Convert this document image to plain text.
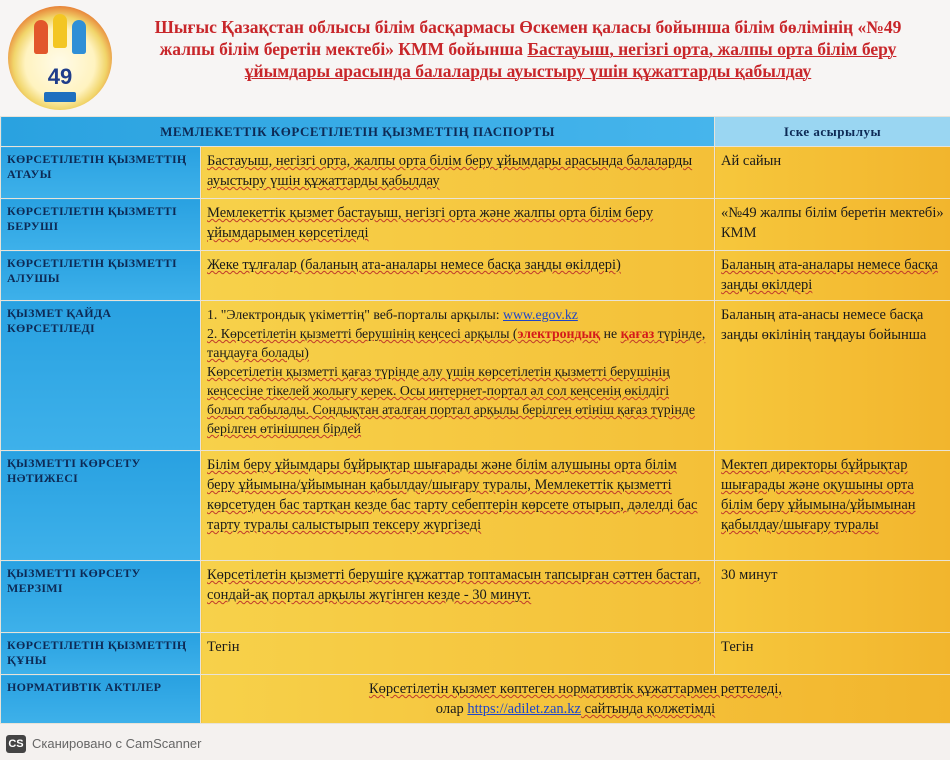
49
Шығыс Қазақстан облысы білім басқармасы Өскемен қаласы бойынша білім бөлімінің «№49 жалпы білім беретін мектебі» КММ бойынша Бастауыш, негізгі орта, жалпы орта білім беру ұйымдары арасында балаларды ауыстыру үшін құжаттарды қабылдау
МЕМЛЕКЕТТІК КӨРСЕТІЛЕТІН ҚЫЗМЕТТІҢ ПАСПОРТЫ		Іске асырылуы
КӨРСЕТІЛЕТІН ҚЫЗМЕТТІҢ АТАУЫ	Бастауыш, негізгі орта, жалпы орта білім беру ұйымдары арасында балаларды ауыстыру үшін құжаттарды қабылдау	Ай сайын
КӨРСЕТІЛЕТІН ҚЫЗМЕТТІ БЕРУШІ	Мемлекеттік қызмет бастауыш, негізгі орта және жалпы орта білім беру ұйымдарымен көрсетіледі	«№49 жалпы білім беретін мектебі» КММ
КӨРСЕТІЛЕТІН ҚЫЗМЕТТІ АЛУШЫ	Жеке тұлғалар (баланың ата-аналары немесе басқа заңды өкілдері)	Баланың ата-аналары немесе басқа заңды өкілдері
ҚЫЗМЕТ ҚАЙДА КӨРСЕТІЛЕДІ	1. "Электрондық үкіметтің" веб-порталы арқылы: www.egov.kz
2. Көрсетілетін қызметті берушінің кеңсесі арқылы (электрондық не қағаз түрінде, таңдауға болады)
Көрсетілетін қызметті қағаз түрінде алу үшін көрсетілетін қызметті берушінің кеңсесіне тікелей жолығу керек. Осы интернет-портал әл сол кеңсенің өкілдігі болып табылады. Сондықтан аталған портал арқылы берілген өтініш қағаз түрінде берілген өтінішпен бірдей	Баланың ата-анасы немесе басқа заңды өкілінің таңдауы бойынша
ҚЫЗМЕТТІ КӨРСЕТУ НӘТИЖЕСІ	Білім беру ұйымдары бұйрықтар шығарады және білім алушыны орта білім беру ұйымына/ұйымынан қабылдау/шығару туралы, Мемлекеттік қызметті көрсетуден бас тартқан кезде бас тарту себептерін көрсете отырып, дәлелді бас тарту туралы салыстырып тексеру жүргізеді	Мектеп директоры бұйрықтар шығарады және оқушыны орта білім беру ұйымына/ұйымынан қабылдау/шығару туралы
ҚЫЗМЕТТІ КӨРСЕТУ МЕРЗІМІ	Көрсетілетін қызметті берушіге құжаттар топтамасын тапсырған сәттен бастап, сондай-ақ портал арқылы жүгінген кезде - 30 минут.	30 минут
КӨРСЕТІЛЕТІН ҚЫЗМЕТТІҢ ҚҰНЫ	Тегін	Тегін
НОРМАТИВТІК АКТІЛЕР	Көрсетілетін қызмет көптеген нормативтік құжаттармен реттеледі,
олар https://adilet.zan.kz сайтында қолжетімді	
CS Сканировано с CamScanner
